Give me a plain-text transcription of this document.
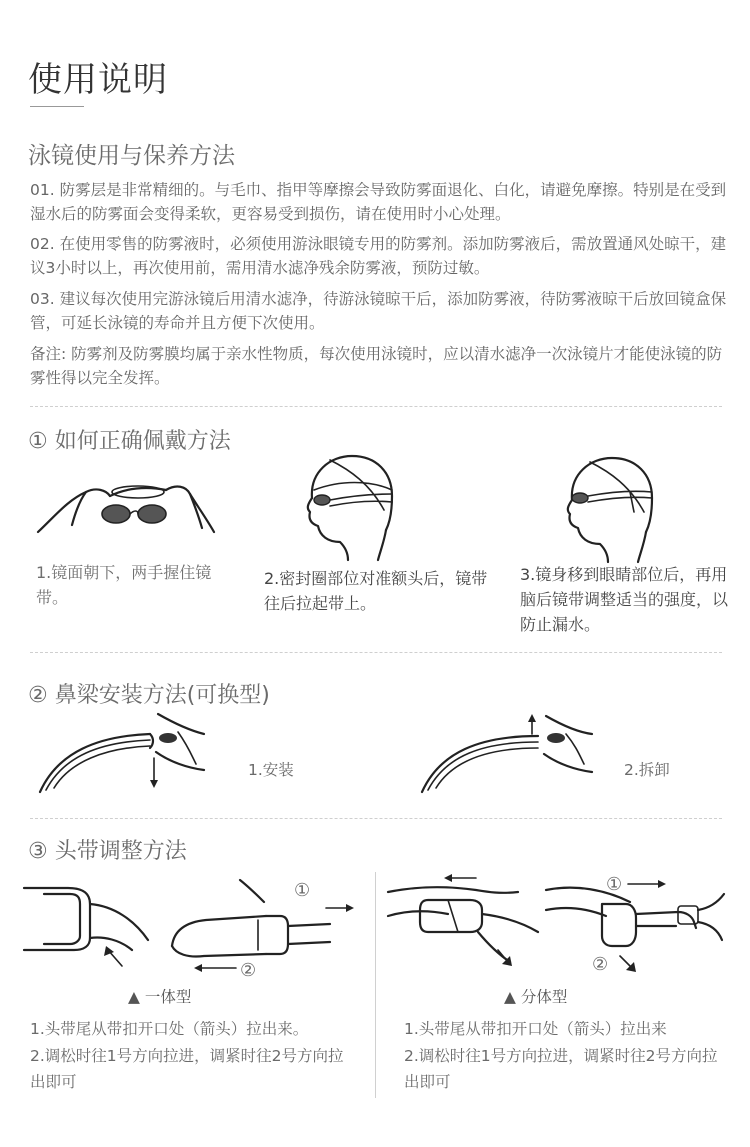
使用说明
泳镜使用与保养方法
01. 防雾层是非常精细的。与毛巾、指甲等摩擦会导致防雾面退化、白化，请避免摩擦。特别是在受到湿水后的防雾面会变得柔软，更容易受到损伤，请在使用时小心处理。
02. 在使用零售的防雾液时，必须使用游泳眼镜专用的防雾剂。添加防雾液后，需放置通风处晾干，建议3小时以上，再次使用前，需用清水滤净残余防雾液，预防过敏。
03. 建议每次使用完游泳镜后用清水滤净，待游泳镜晾干后，添加防雾液，待防雾液晾干后放回镜盒保管，可延长泳镜的寿命并且方便下次使用。
备注: 防雾剂及防雾膜均属于亲水性物质，每次使用泳镜时，应以清水滤净一次泳镜片才能使泳镜的防雾性得以完全发挥。
① 如何正确佩戴方法
1.镜面朝下，两手握住镜带。
2.密封圈部位对准额头后，镜带往后拉起带上。
3.镜身移到眼睛部位后，再用脑后镜带调整适当的强度，以防止漏水。
② 鼻梁安装方法(可换型)
1.安装	2.拆卸
③ 头带调整方法
①
②
▲ 一体型
1.头带尾从带扣开口处（箭头）拉出来。
2.调松时往1号方向拉进，调紧时往2号方向拉出即可
①
②
▲ 分体型
1.头带尾从带扣开口处（箭头）拉出来
2.调松时往1号方向拉进，调紧时往2号方向拉出即可
